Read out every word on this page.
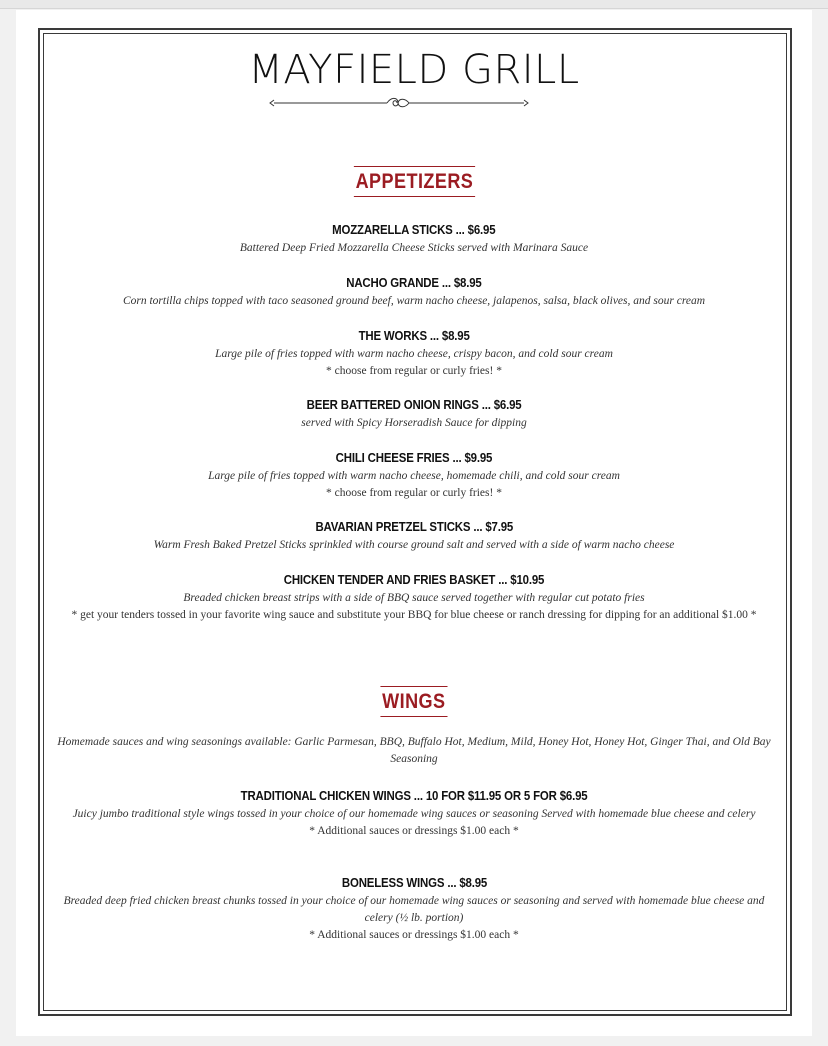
MAYFIELD GRILL
APPETIZERS
MOZZARELLA STICKS ... $6.95
Battered Deep Fried Mozzarella Cheese Sticks served with Marinara Sauce
NACHO GRANDE ... $8.95
Corn tortilla chips topped with taco seasoned ground beef, warm nacho cheese, jalapenos, salsa, black olives, and sour cream
THE WORKS ... $8.95
Large pile of fries topped with warm nacho cheese, crispy bacon, and cold sour cream
* choose from regular or curly fries! *
BEER BATTERED ONION RINGS ... $6.95
served with Spicy Horseradish Sauce for dipping
CHILI CHEESE FRIES ... $9.95
Large pile of fries topped with warm nacho cheese, homemade chili, and cold sour cream
* choose from regular or curly fries! *
BAVARIAN PRETZEL STICKS ... $7.95
Warm Fresh Baked Pretzel Sticks sprinkled with course ground salt and served with a side of warm nacho cheese
CHICKEN TENDER AND FRIES BASKET ... $10.95
Breaded chicken breast strips with a side of BBQ sauce served together with regular cut potato fries
* get your tenders tossed in your favorite wing sauce and substitute your BBQ for blue cheese or ranch dressing for dipping for an additional $1.00 *
WINGS
Homemade sauces and wing seasonings available: Garlic Parmesan, BBQ, Buffalo Hot, Medium, Mild, Honey Hot, Honey Hot, Ginger Thai, and Old Bay Seasoning
TRADITIONAL CHICKEN WINGS ... 10 FOR $11.95 OR 5 FOR $6.95
Juicy jumbo traditional style wings tossed in your choice of our homemade wing sauces or seasoning Served with homemade blue cheese and celery
* Additional sauces or dressings $1.00 each *
BONELESS WINGS ... $8.95
Breaded deep fried chicken breast chunks tossed in your choice of our homemade wing sauces or seasoning and served with homemade blue cheese and celery (½ lb. portion)
* Additional sauces or dressings $1.00 each *
